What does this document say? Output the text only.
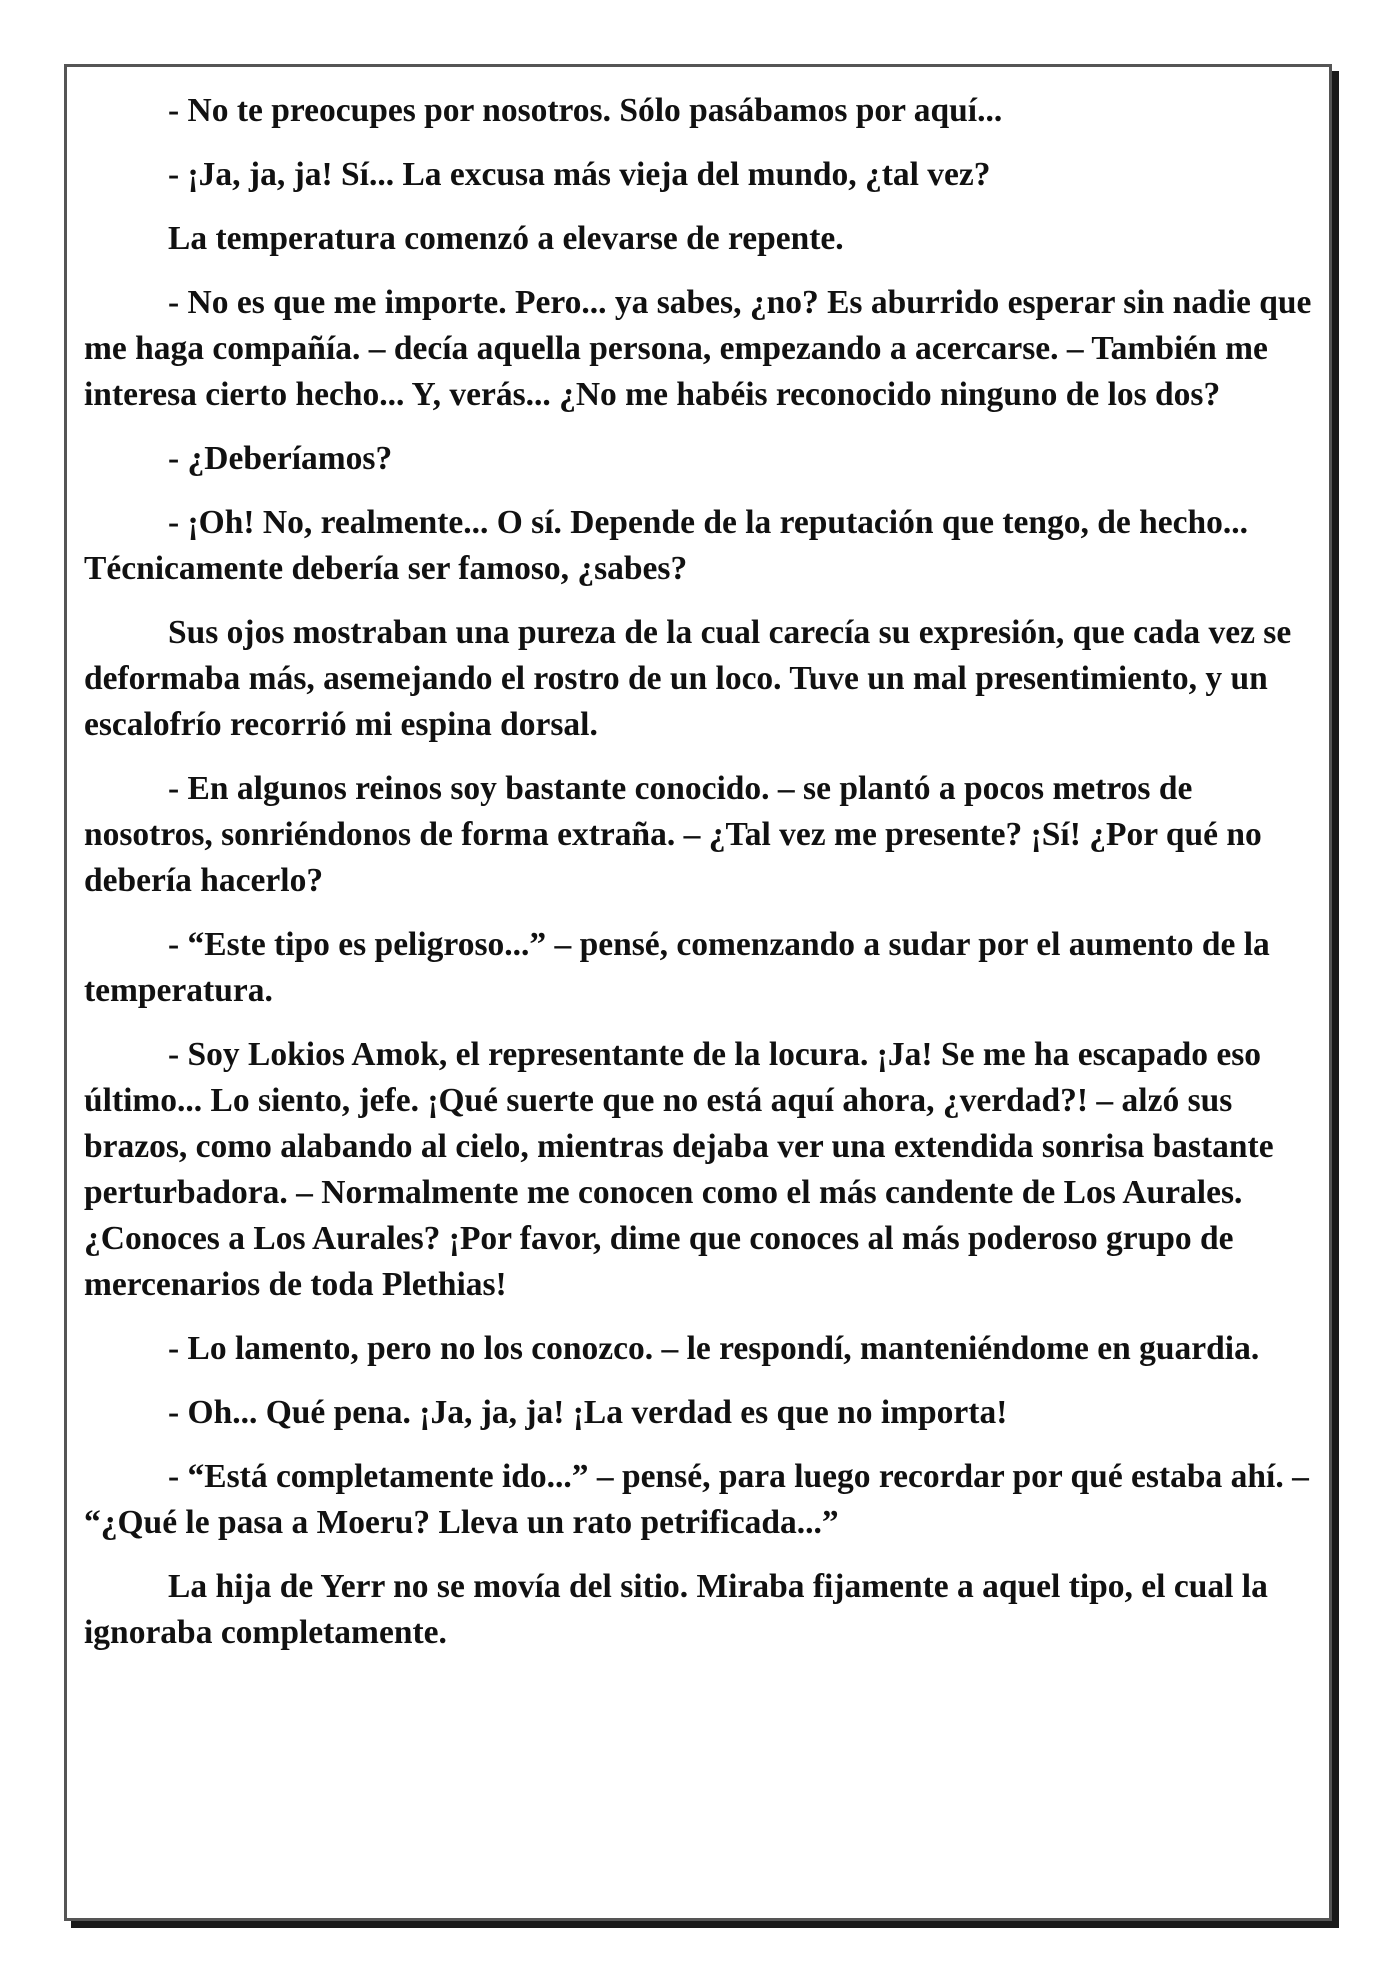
- No te preocupes por nosotros. Sólo pasábamos por aquí...

- ¡Ja, ja, ja! Sí... La excusa más vieja del mundo, ¿tal vez?

La temperatura comenzó a elevarse de repente.

- No es que me importe. Pero... ya sabes, ¿no? Es aburrido esperar sin nadie que me haga compañía. – decía aquella persona, empezando a acercarse. – También me interesa cierto hecho... Y, verás... ¿No me habéis reconocido ninguno de los dos?

- ¿Deberíamos?

- ¡Oh! No, realmente... O sí. Depende de la reputación que tengo, de hecho... Técnicamente debería ser famoso, ¿sabes?

Sus ojos mostraban una pureza de la cual carecía su expresión, que cada vez se deformaba más, asemejando el rostro de un loco. Tuve un mal presentimiento, y un escalofrío recorrió mi espina dorsal.

- En algunos reinos soy bastante conocido. – se plantó a pocos metros de nosotros, sonriéndonos de forma extraña. – ¿Tal vez me presente? ¡Sí! ¿Por qué no debería hacerlo?

- “Este tipo es peligroso...” – pensé, comenzando a sudar por el aumento de la temperatura.

- Soy Lokios Amok, el representante de la locura. ¡Ja! Se me ha escapado eso último... Lo siento, jefe. ¡Qué suerte que no está aquí ahora, ¿verdad?! – alzó sus brazos, como alabando al cielo, mientras dejaba ver una extendida sonrisa bastante perturbadora. – Normalmente me conocen como el más candente de Los Aurales. ¿Conoces a Los Aurales? ¡Por favor, dime que conoces al más poderoso grupo de mercenarios de toda Plethias!

- Lo lamento, pero no los conozco. – le respondí, manteniéndome en guardia.

- Oh... Qué pena. ¡Ja, ja, ja! ¡La verdad es que no importa!

- “Está completamente ido...” – pensé, para luego recordar por qué estaba ahí. – “¿Qué le pasa a Moeru? Lleva un rato petrificada...”

La hija de Yerr no se movía del sitio. Miraba fijamente a aquel tipo, el cual la ignoraba completamente.
